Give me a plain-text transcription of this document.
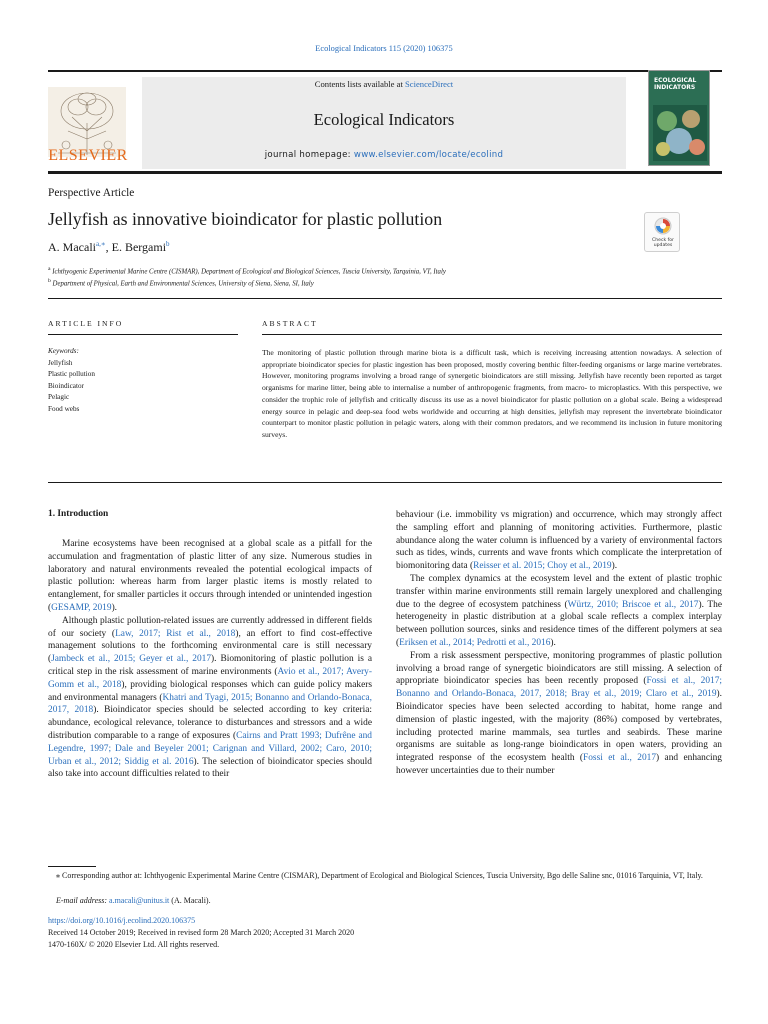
Ecological Indicators 115 (2020) 106375
ELSEVIER
Contents lists available at ScienceDirect
Ecological Indicators
journal homepage: www.elsevier.com/locate/ecolind
ECOLOGICAL INDICATORS
Perspective Article
Jellyfish as innovative bioindicator for plastic pollution
A. Macali$^{a,∗}$, E. Bergami$^b$	Check for updates
$^a$ Ichthyogenic Experimental Marine Centre (CISMAR), Department of Ecological and Biological Sciences, Tuscia University, Tarquinia, VT, Italy
$^b$ Department of Physical, Earth and Environmental Sciences, University of Siena, Siena, SI, Italy
ARTICLE INFO	ABSTRACT
Keywords:
Jellyfish
Plastic pollution
Bioindicator
Pelagic
Food webs
The monitoring of plastic pollution through marine biota is a difficult task, which is receiving increasing attention nowadays. A selection of appropriate bioindicator species for plastic ingestion has been proposed, mostly covering benthic filter-feeding organisms or large marine vertebrates. However, monitoring programs involving a broad range of synergetic bioindicators are still missing. Jellyfish have recently been reported as target organisms for marine litter, being able to internalise a number of anthropogenic fragments, from macro- to microplastics. With this perspective, we consider the trophic role of jellyfish and critically discuss its use as a novel bioindicator for plastic pollution on a global scale. Being a widespread energy source in pelagic and deep-sea food webs worldwide and occurring at high densities, jellyfish may represent the invertebrate bioindicator counterpart to monitor plastic pollution in pelagic waters, along with their common predators, and we recommend its inclusion in future monitoring surveys.
1. Introduction

Marine ecosystems have been recognised at a global scale as a pitfall for the accumulation and fragmentation of plastic litter of any size. Numerous studies in laboratory and natural environments revealed the potential ecological impacts of plastic pollution: whereas harm from larger plastic items is mostly related to entanglement, for smaller particles it occurs through intended or unintended ingestion (GESAMP, 2019).

Although plastic pollution-related issues are currently addressed in different fields of our society (Law, 2017; Rist et al., 2018), an effort to find cost-effective management solutions to the forthcoming environmental care is still necessary (Jambeck et al., 2015; Geyer et al., 2017). Biomonitoring of plastic pollution is a critical step in the risk assessment of marine environments (Avio et al., 2017; Avery-Gomm et al., 2018), providing biological responses which can guide policy makers and environmental managers (Khatri and Tyagi, 2015; Bonanno and Orlando-Bonaca, 2017, 2018). Bioindicator species should be selected according to key criteria: abundance, ecological relevance, tolerance to disturbances and stressors and a wide distribution comparable to a range of exposures (Cairns and Pratt 1993; Dufrêne and Legendre, 1997; Dale and Beyeler 2001; Carignan and Villard, 2002; Caro, 2010; Urban et al., 2012; Siddig et al. 2016). The selection of bioindicator species should also take into account difficulties related to their

behaviour (i.e. immobility vs migration) and occurrence, which may strongly affect the sampling effort and planning of monitoring activities. Furthermore, plastic abundance along the water column is influenced by a variety of environmental factors such as tides, winds, currents and wave fronts which complicate the interpretation of biomonitoring data (Reisser et al. 2015; Choy et al., 2019).

The complex dynamics at the ecosystem level and the extent of plastic trophic transfer within marine environments still remain largely unexplored and challenging due to the degree of ecosystem patchiness (Würtz, 2010; Briscoe et al., 2017). The heterogeneity in plastic distribution at a global scale reflects a complex interplay between pollution sources, sinks and residence times of the different polymers at sea (Eriksen et al., 2014; Pedrotti et al., 2016).

From a risk assessment perspective, monitoring programmes of plastic pollution involving a broad range of synergetic bioindicators are still missing. A selection of appropriate bioindicator species has been recently proposed (Fossi et al., 2017; Bonanno and Orlando-Bonaca, 2017, 2018; Bray et al., 2019; Claro et al., 2019). Bioindicator species have been selected according to habitat, home range and dimension of plastic ingested, with the majority (86%) composed by vertebrates, including protected marine mammals, sea turtles and seabirds. These marine organisms are suitable as long-range bioindicators in open waters, providing an integrated response of the ecosystem health (Fossi et al., 2017) and enhancing however uncertainties due to their number

⁎ Corresponding author at: Ichthyogenic Experimental Marine Centre (CISMAR), Department of Ecological and Biological Sciences, Tuscia University, Bgo delle Saline snc, 01016 Tarquinia, VT, Italy.
E-mail address: a.macali@unitus.it (A. Macali).
https://doi.org/10.1016/j.ecolind.2020.106375
Received 14 October 2019; Received in revised form 28 March 2020; Accepted 31 March 2020
1470-160X/ © 2020 Elsevier Ltd. All rights reserved.
